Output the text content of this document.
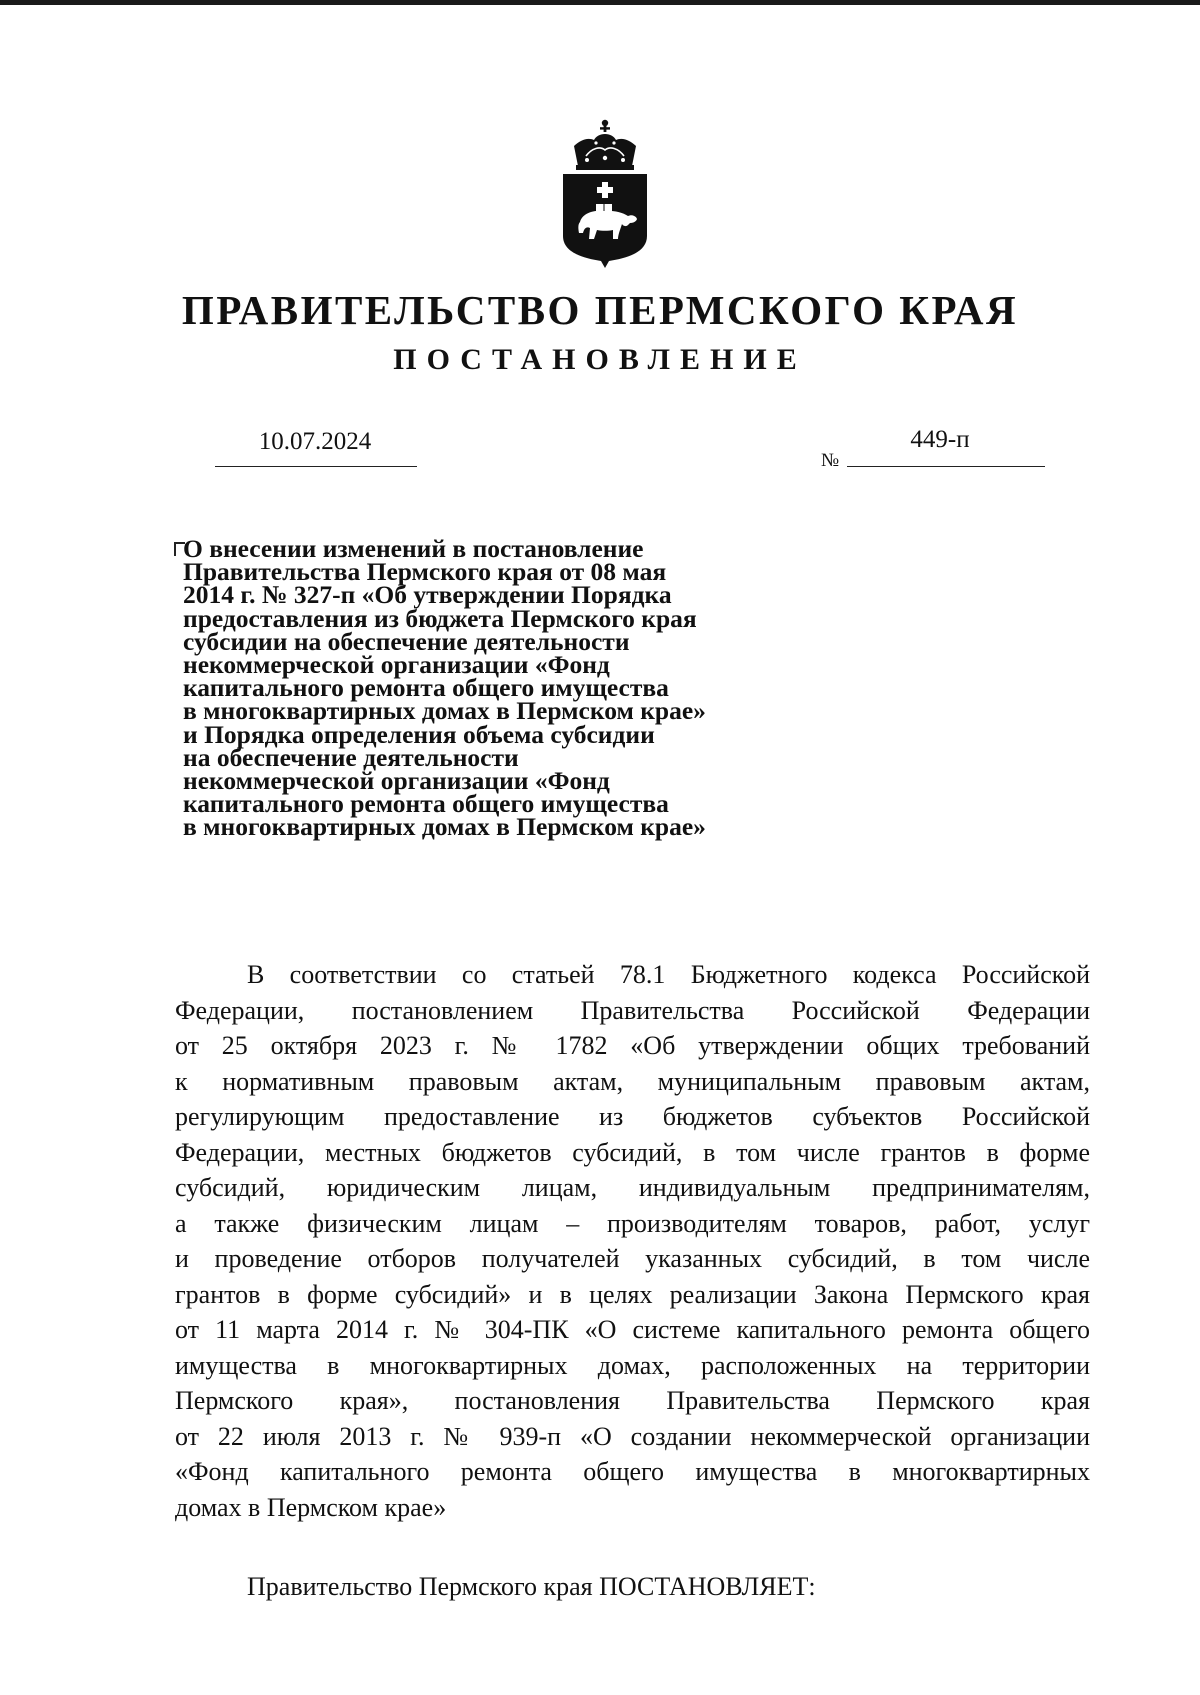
ПРАВИТЕЛЬСТВО ПЕРМСКОГО КРАЯ
ПОСТАНОВЛЕНИЕ
10.07.2024
№
449-п
О внесении изменений в постановление
Правительства Пермского края от 08 мая
2014 г. № 327-п «Об утверждении Порядка
предоставления из бюджета Пермского края
субсидии на обеспечение деятельности
некоммерческой организации «Фонд
капитального ремонта общего имущества
в многоквартирных домах в Пермском крае»
и Порядка определения объема субсидии
на обеспечение деятельности
некоммерческой организации «Фонд
капитального ремонта общего имущества
в многоквартирных домах в Пермском крае»
В соответствии со статьей 78.1 Бюджетного кодекса Российской
Федерации, постановлением Правительства Российской Федерации
от 25 октября 2023 г. № 1782 «Об утверждении общих требований
к нормативным правовым актам, муниципальным правовым актам,
регулирующим предоставление из бюджетов субъектов Российской
Федерации, местных бюджетов субсидий, в том числе грантов в форме
субсидий, юридическим лицам, индивидуальным предпринимателям,
а также физическим лицам – производителям товаров, работ, услуг
и проведение отборов получателей указанных субсидий, в том числе
грантов в форме субсидий» и в целях реализации Закона Пермского края
от 11 марта 2014 г. № 304-ПК «О системе капитального ремонта общего
имущества в многоквартирных домах, расположенных на территории
Пермского края», постановления Правительства Пермского края
от 22 июля 2013 г. № 939-п «О создании некоммерческой организации
«Фонд капитального ремонта общего имущества в многоквартирных
домах в Пермском крае»
Правительство Пермского края ПОСТАНОВЛЯЕТ:
